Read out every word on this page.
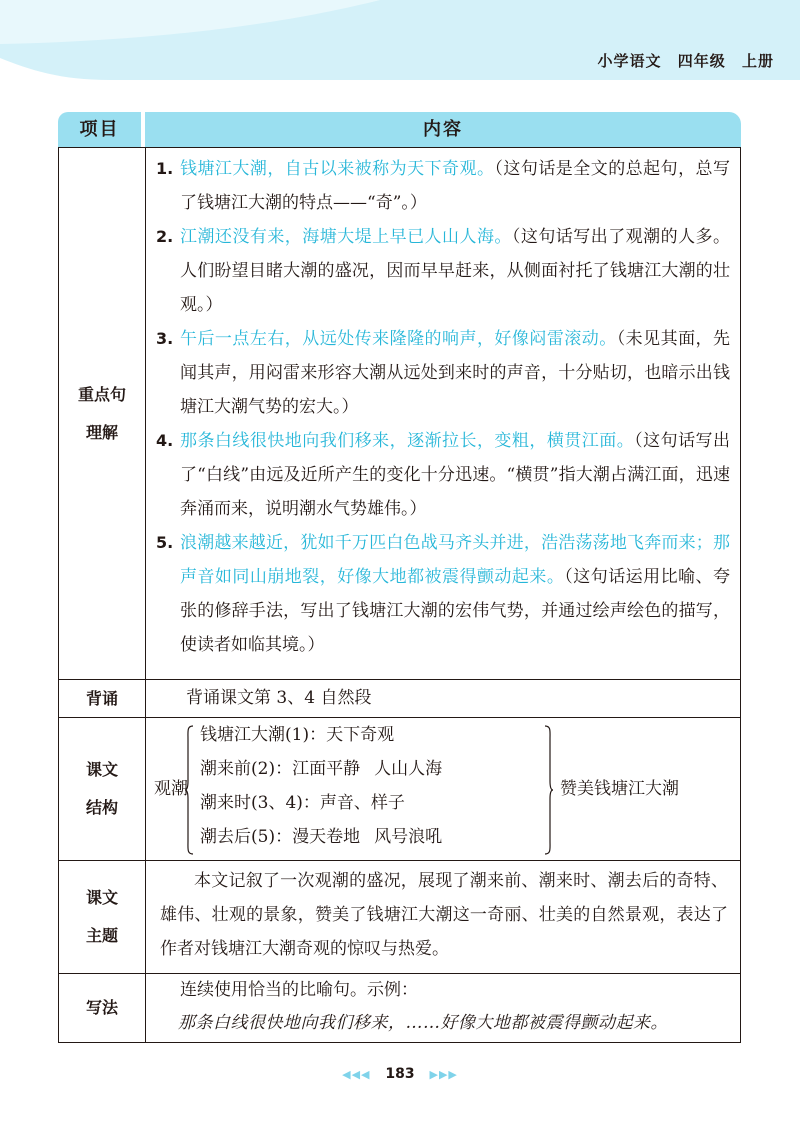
小学语文 四年级 上册
项目	内容
重点句
理解
1. 钱塘江大潮，自古以来被称为天下奇观。（这句话是全文的总起句，总写了钱塘江大潮的特点——“奇”。）
2. 江潮还没有来，海塘大堤上早已人山人海。（这句话写出了观潮的人多。人们盼望目睹大潮的盛况，因而早早赶来，从侧面衬托了钱塘江大潮的壮观。）
3. 午后一点左右，从远处传来隆隆的响声，好像闷雷滚动。（未见其面，先闻其声，用闷雷来形容大潮从远处到来时的声音，十分贴切，也暗示出钱塘江大潮气势的宏大。）
4. 那条白线很快地向我们移来，逐渐拉长，变粗，横贯江面。（这句话写出了“白线”由远及近所产生的变化十分迅速。“横贯”指大潮占满江面，迅速奔涌而来，说明潮水气势雄伟。）
5. 浪潮越来越近，犹如千万匹白色战马齐头并进，浩浩荡荡地飞奔而来；那声音如同山崩地裂，好像大地都被震得颤动起来。（这句话运用比喻、夸张的修辞手法，写出了钱塘江大潮的宏伟气势，并通过绘声绘色的描写，使读者如临其境。）
背诵	背诵课文第 3、4 自然段
课文
结构
观潮
钱塘江大潮(1)：天下奇观
潮来前(2)：江面平静 人山人海
潮来时(3、4)：声音、样子
潮去后(5)：漫天卷地 风号浪吼
赞美钱塘江大潮
课文
主题
本文记叙了一次观潮的盛况，展现了潮来前、潮来时、潮去后的奇特、雄伟、壮观的景象，赞美了钱塘江大潮这一奇丽、壮美的自然景观，表达了作者对钱塘江大潮奇观的惊叹与热爱。
写法
连续使用恰当的比喻句。示例：
那条白线很快地向我们移来，……好像大地都被震得颤动起来。
◀◀◀ 183 ▶▶▶
